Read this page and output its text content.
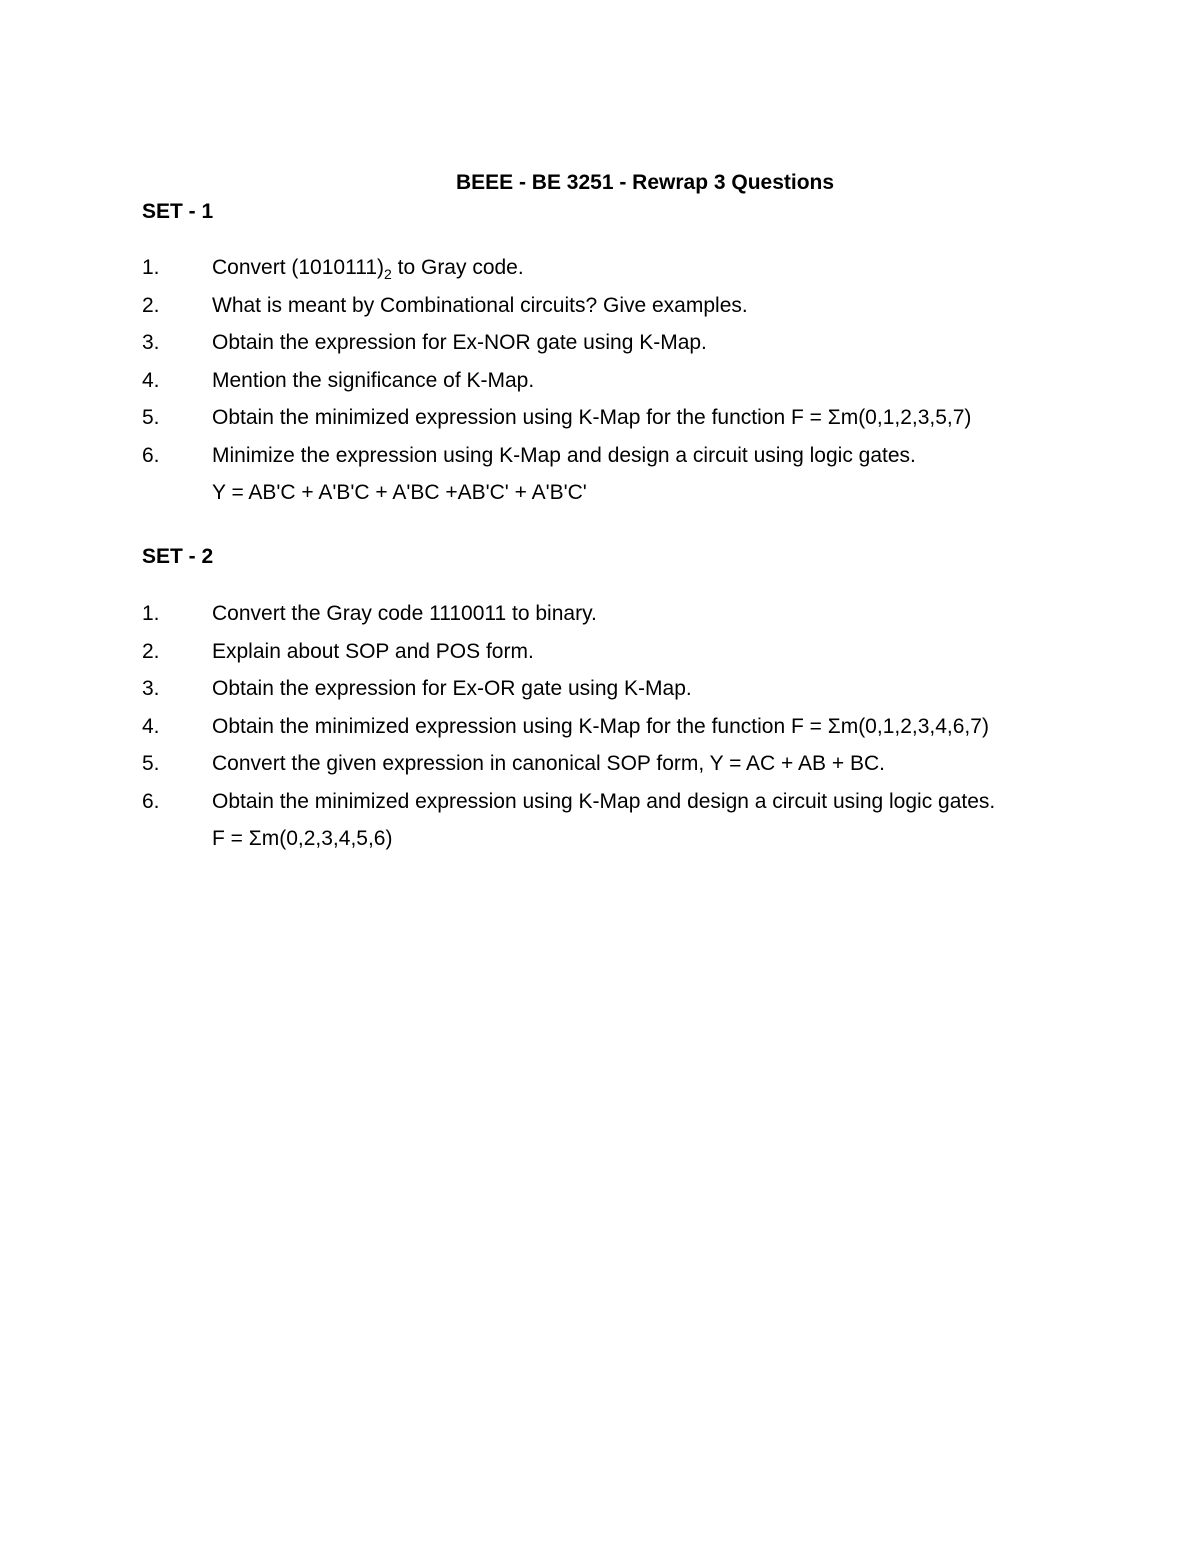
BEEE - BE 3251 - Rewrap 3 Questions
SET - 1
1. Convert $(1010111)_2$ to Gray code.
2. What is meant by Combinational circuits? Give examples.
3. Obtain the expression for Ex-NOR gate using K-Map.
4. Mention the significance of K-Map.
5. Obtain the minimized expression using K-Map for the function F = Σm(0,1,2,3,5,7)
6. Minimize the expression using K-Map and design a circuit using logic gates.
Y = AB'C + A'B'C + A'BC +AB'C' + A'B'C'
SET - 2
1. Convert the Gray code 1110011 to binary.
2. Explain about SOP and POS form.
3. Obtain the expression for Ex-OR gate using K-Map.
4. Obtain the minimized expression using K-Map for the function F = Σm(0,1,2,3,4,6,7)
5. Convert the given expression in canonical SOP form, Y = AC + AB + BC.
6. Obtain the minimized expression using K-Map and design a circuit using logic gates.
F = Σm(0,2,3,4,5,6)
